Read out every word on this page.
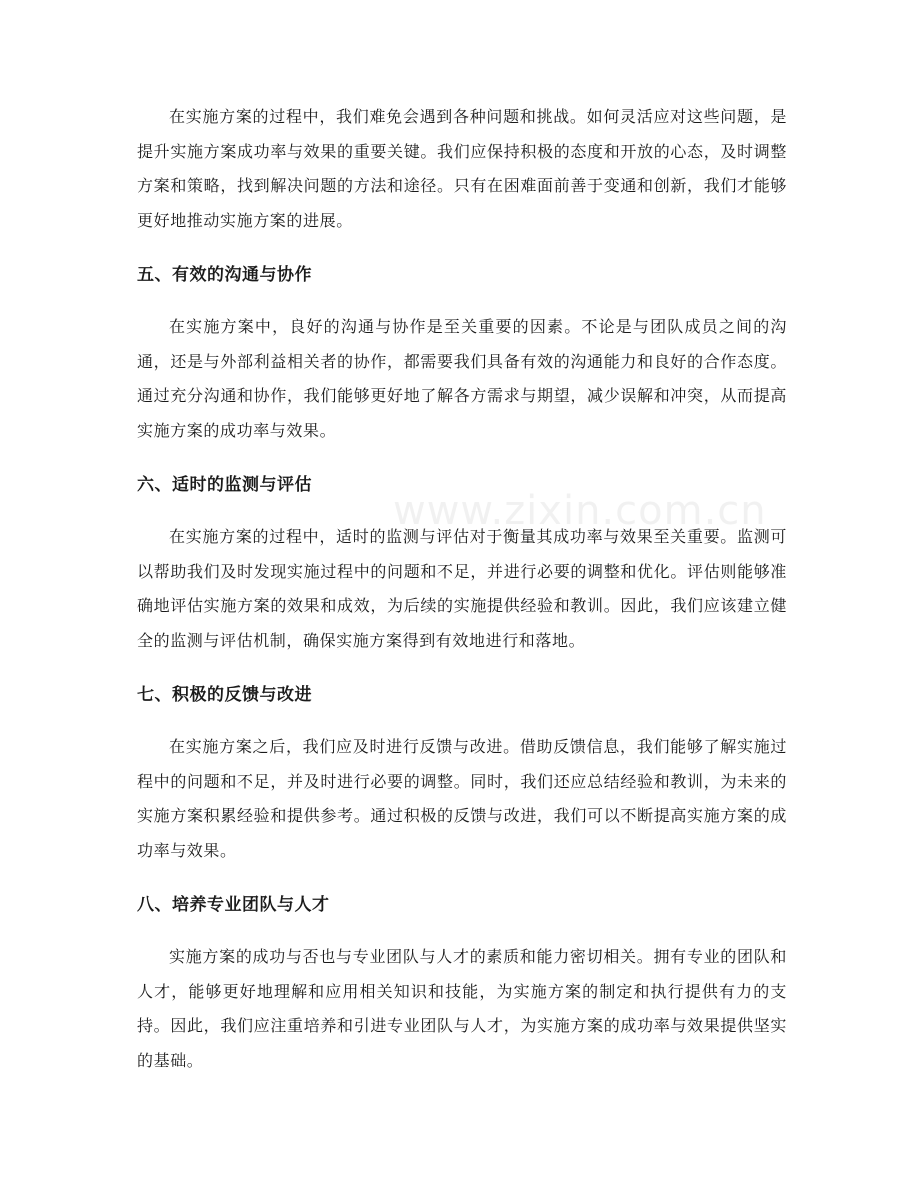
在实施方案的过程中，我们难免会遇到各种问题和挑战。如何灵活应对这些问题，是提升实施方案成功率与效果的重要关键。我们应保持积极的态度和开放的心态，及时调整方案和策略，找到解决问题的方法和途径。只有在困难面前善于变通和创新，我们才能够更好地推动实施方案的进展。

五、有效的沟通与协作

在实施方案中，良好的沟通与协作是至关重要的因素。不论是与团队成员之间的沟通，还是与外部利益相关者的协作，都需要我们具备有效的沟通能力和良好的合作态度。通过充分沟通和协作，我们能够更好地了解各方需求与期望，减少误解和冲突，从而提高实施方案的成功率与效果。

六、适时的监测与评估

在实施方案的过程中，适时的监测与评估对于衡量其成功率与效果至关重要。监测可以帮助我们及时发现实施过程中的问题和不足，并进行必要的调整和优化。评估则能够准确地评估实施方案的效果和成效，为后续的实施提供经验和教训。因此，我们应该建立健全的监测与评估机制，确保实施方案得到有效地进行和落地。

七、积极的反馈与改进

在实施方案之后，我们应及时进行反馈与改进。借助反馈信息，我们能够了解实施过程中的问题和不足，并及时进行必要的调整。同时，我们还应总结经验和教训，为未来的实施方案积累经验和提供参考。通过积极的反馈与改进，我们可以不断提高实施方案的成功率与效果。

八、培养专业团队与人才

实施方案的成功与否也与专业团队与人才的素质和能力密切相关。拥有专业的团队和人才，能够更好地理解和应用相关知识和技能，为实施方案的制定和执行提供有力的支持。因此，我们应注重培养和引进专业团队与人才，为实施方案的成功率与效果提供坚实的基础。

www.zixin.com.cn
